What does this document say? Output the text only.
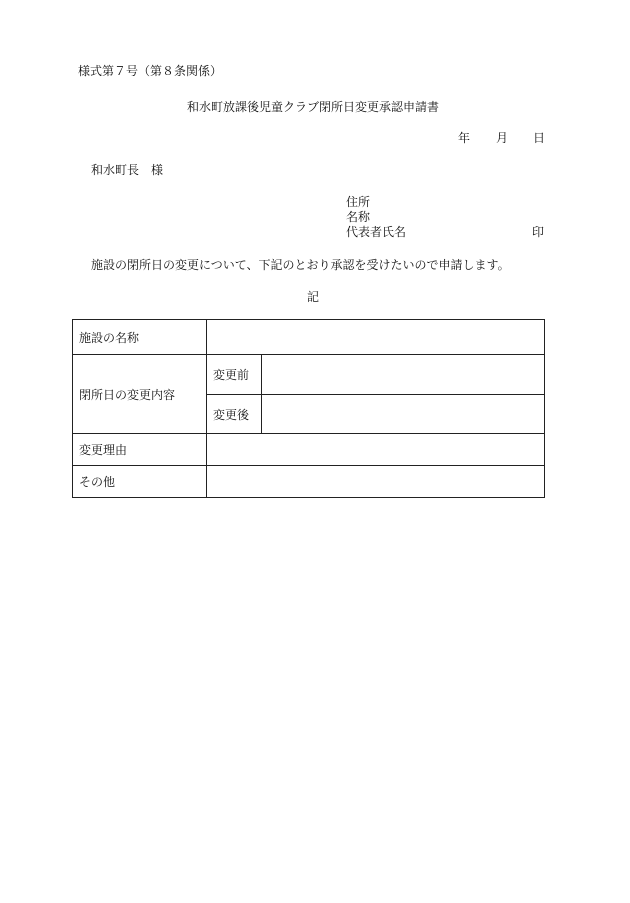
様式第７号（第８条関係）
和水町放課後児童クラブ閉所日変更承認申請書
年 月 日
和水町長　様
住所
名称
代表者氏名	印
施設の閉所日の変更について、下記のとおり承認を受けたいので申請します。
記
施設の名称		
閉所日の変更内容	変更前	
	変更後	
変更理由		
その他		
